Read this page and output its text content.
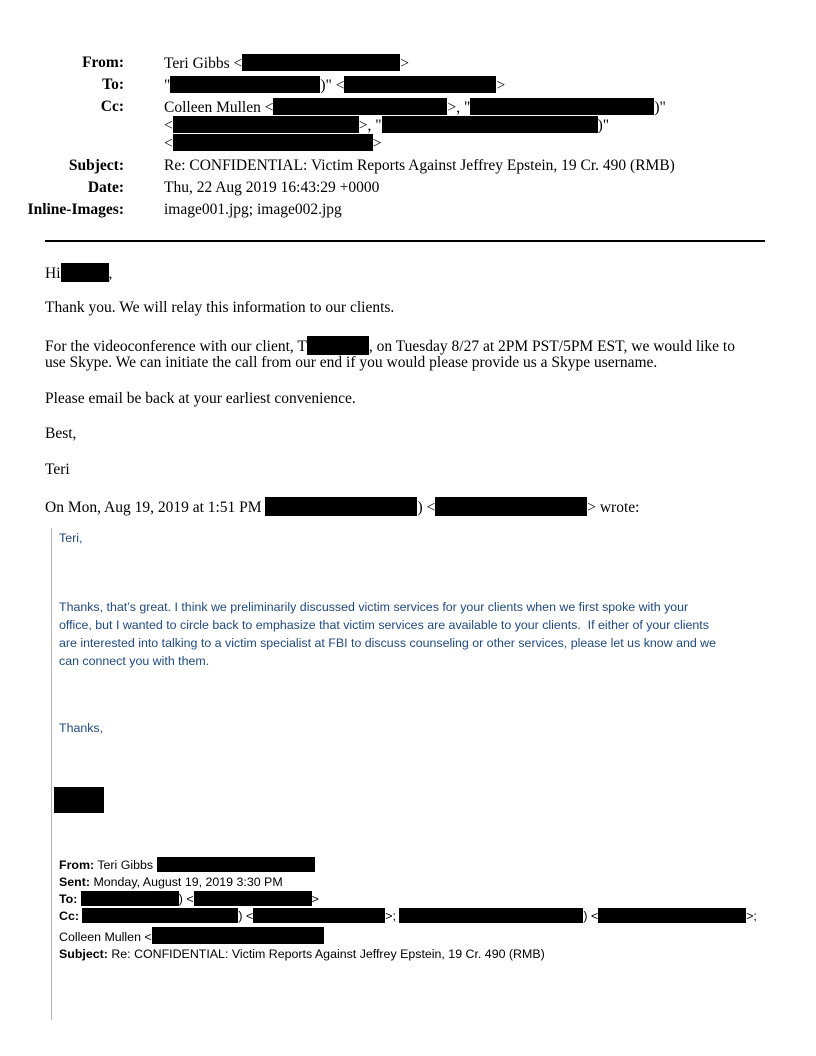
From:	Teri Gibbs <	>
To:	"	)" <	>
Cc:	Colleen Mullen <	>, "	)"
<	>, "	)"
<	>
Subject:	Re: CONFIDENTIAL: Victim Reports Against Jeffrey Epstein, 19 Cr. 490 (RMB)
Date:	Thu, 22 Aug 2019 16:43:29 +0000
Inline-Images:	image001.jpg; image002.jpg
Hi	,
Thank you. We will relay this information to our clients.
For the videoconference with our client, T	, on Tuesday 8/27 at 2PM PST/5PM EST, we would like to
use Skype. We can initiate the call from our end if you would please provide us a Skype username.
Please email be back at your earliest convenience.
Best,
Teri
On Mon, Aug 19, 2019 at 1:51 PM	) <	> wrote:
Teri,
Thanks, that’s great. I think we preliminarily discussed victim services for your clients when we first spoke with your
office, but I wanted to circle back to emphasize that victim services are available to your clients.  If either of your clients
are interested into talking to a victim specialist at FBI to discuss counseling or other services, please let us know and we
can connect you with them.
Thanks,
From: Teri Gibbs
Sent: Monday, August 19, 2019 3:30 PM
To:	) <	>
Cc:	) <	>;	) <	>;
Colleen Mullen <
Subject: Re: CONFIDENTIAL: Victim Reports Against Jeffrey Epstein, 19 Cr. 490 (RMB)
